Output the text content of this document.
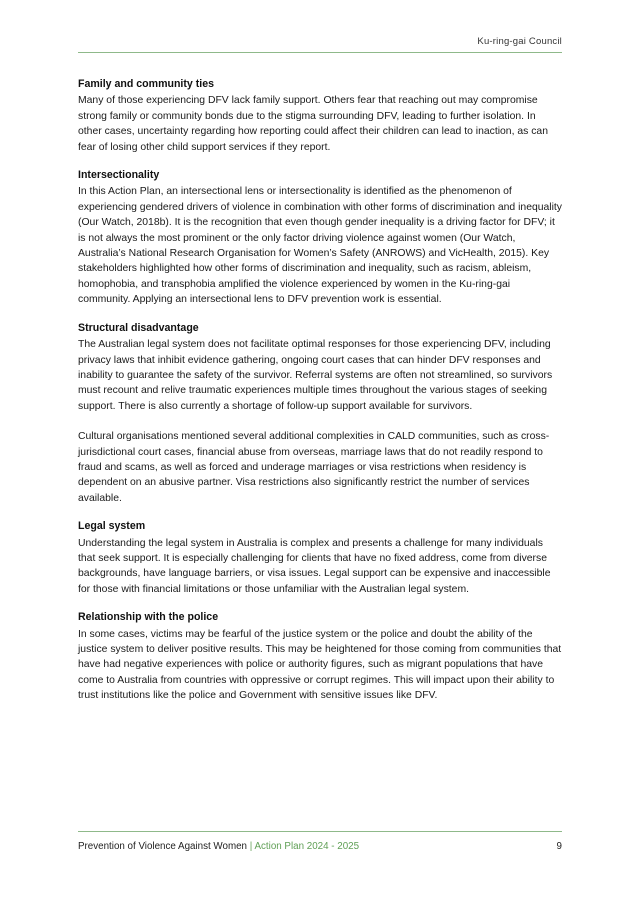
Ku-ring-gai Council
Family and community ties

Many of those experiencing DFV lack family support. Others fear that reaching out may compromise strong family or community bonds due to the stigma surrounding DFV, leading to further isolation. In other cases, uncertainty regarding how reporting could affect their children can lead to inaction, as can fear of losing other child support services if they report.

Intersectionality

In this Action Plan, an intersectional lens or intersectionality is identified as the phenomenon of experiencing gendered drivers of violence in combination with other forms of discrimination and inequality (Our Watch, 2018b). It is the recognition that even though gender inequality is a driving factor for DFV; it is not always the most prominent or the only factor driving violence against women (Our Watch, Australia’s National Research Organisation for Women’s Safety (ANROWS) and VicHealth, 2015). Key stakeholders highlighted how other forms of discrimination and inequality, such as racism, ableism, homophobia, and transphobia amplified the violence experienced by women in the Ku-ring-gai community. Applying an intersectional lens to DFV prevention work is essential.

Structural disadvantage

The Australian legal system does not facilitate optimal responses for those experiencing DFV, including privacy laws that inhibit evidence gathering, ongoing court cases that can hinder DFV responses and inability to guarantee the safety of the survivor. Referral systems are often not streamlined, so survivors must recount and relive traumatic experiences multiple times throughout the various stages of seeking support. There is also currently a shortage of follow-up support available for survivors.

Cultural organisations mentioned several additional complexities in CALD communities, such as cross-jurisdictional court cases, financial abuse from overseas, marriage laws that do not readily respond to fraud and scams, as well as forced and underage marriages or visa restrictions when residency is dependent on an abusive partner. Visa restrictions also significantly restrict the number of services available.

Legal system

Understanding the legal system in Australia is complex and presents a challenge for many individuals that seek support. It is especially challenging for clients that have no fixed address, come from diverse backgrounds, have language barriers, or visa issues. Legal support can be expensive and inaccessible for those with financial limitations or those unfamiliar with the Australian legal system.

Relationship with the police

In some cases, victims may be fearful of the justice system or the police and doubt the ability of the justice system to deliver positive results. This may be heightened for those coming from communities that have had negative experiences with police or authority figures, such as migrant populations that have come to Australia from countries with oppressive or corrupt regimes. This will impact upon their ability to trust institutions like the police and Government with sensitive issues like DFV.

Prevention of Violence Against Women | Action Plan 2024 - 2025	9
